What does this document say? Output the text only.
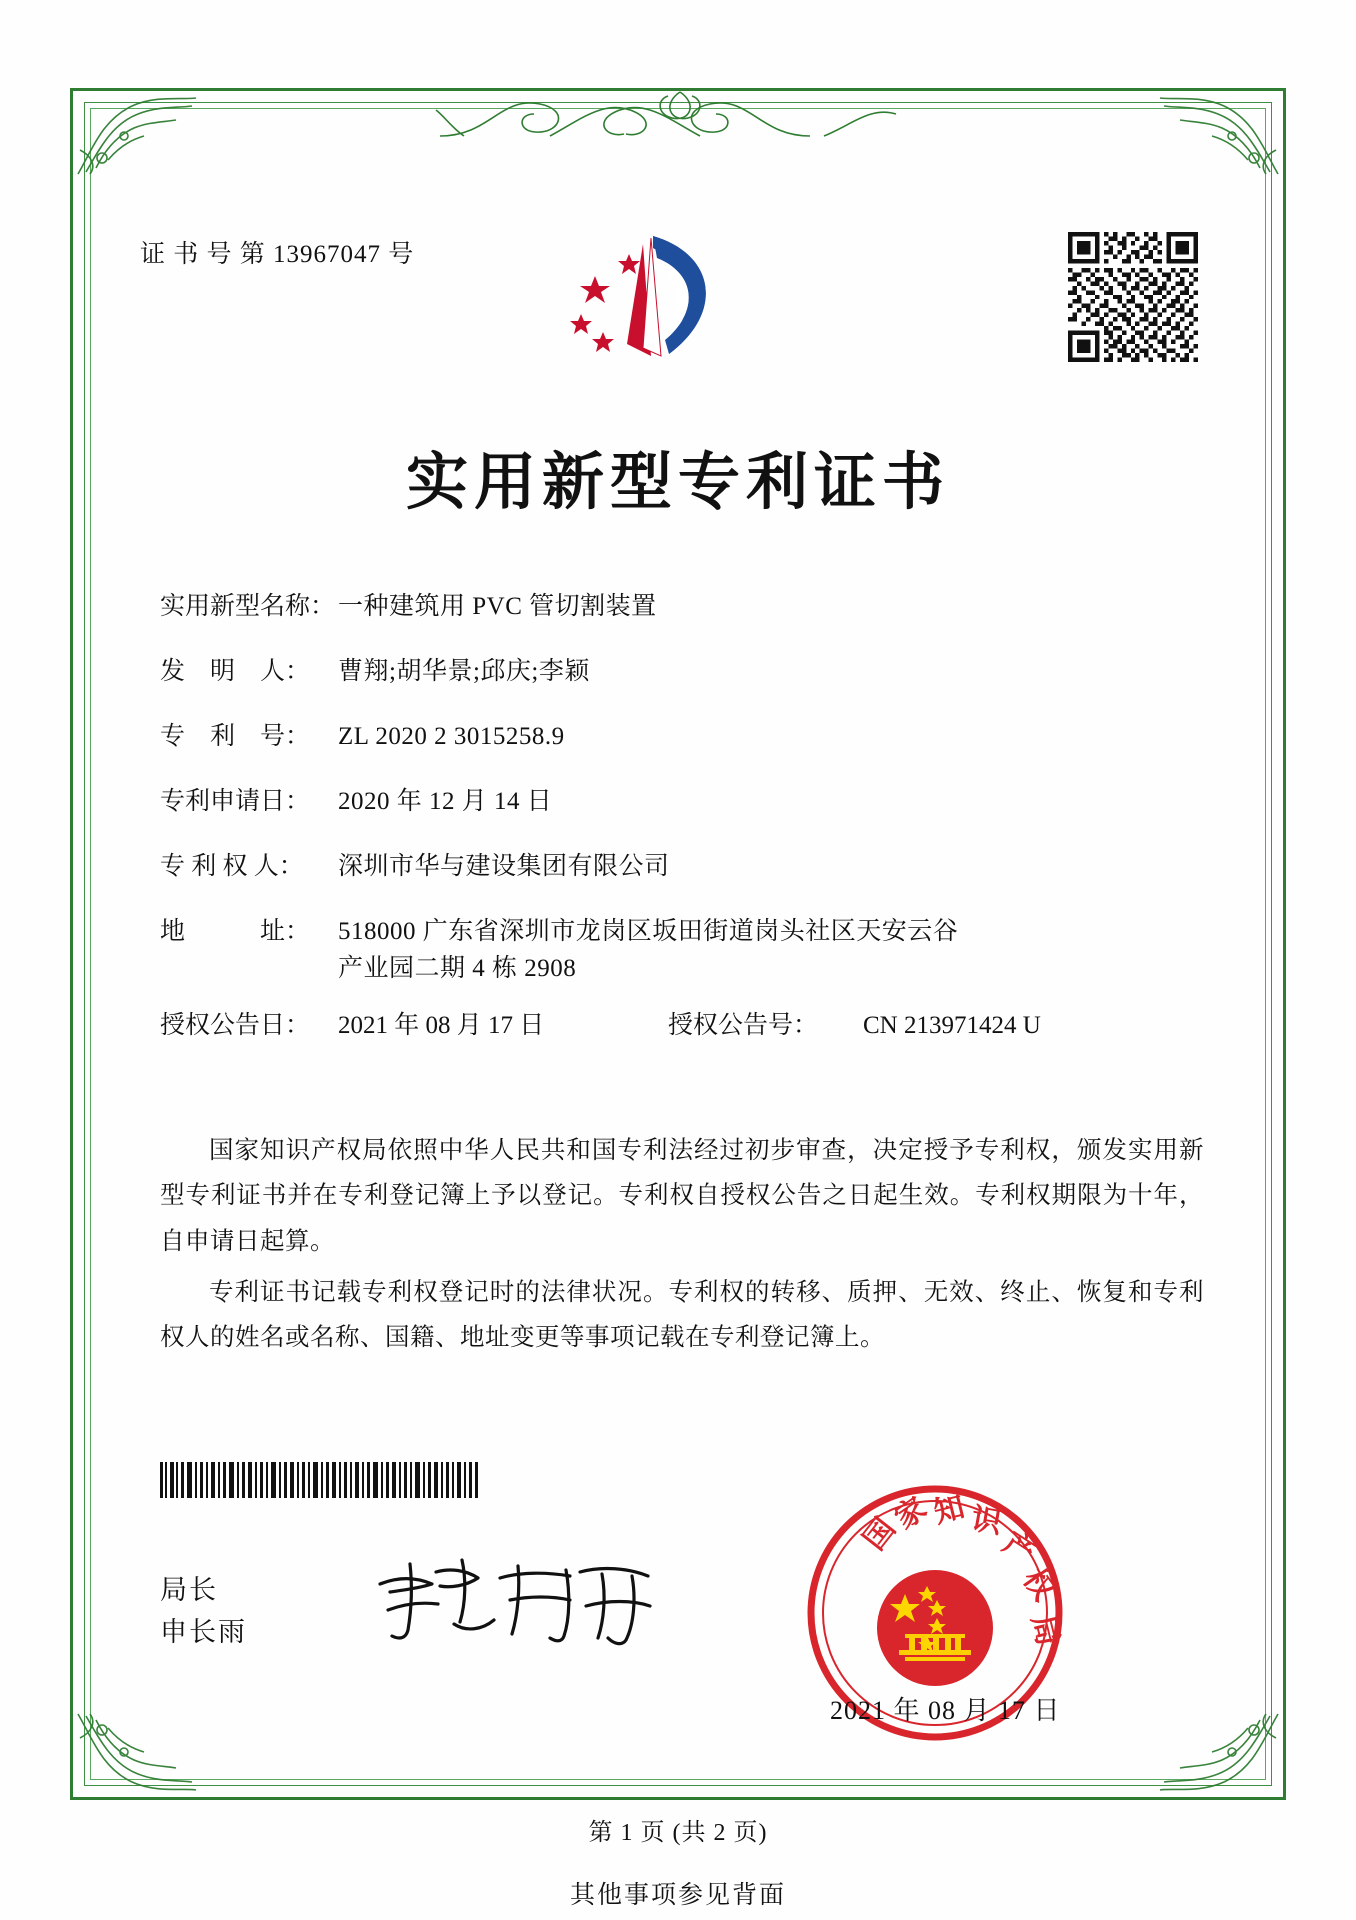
证 书 号 第 13967047 号
实用新型专利证书
实用新型名称： 一种建筑用 PVC 管切割装置
发　明　人：	曹翔;胡华景;邱庆;李颖
专　利　号：	ZL 2020 2 3015258.9
专利申请日：	2020 年 12 月 14 日
专 利 权 人：	深圳市华与建设集团有限公司
地　　　址：	518000 广东省深圳市龙岗区坂田街道岗头社区天安云谷
产业园二期 4 栋 2908
授权公告日：	2021 年 08 月 17 日	授权公告号：	CN 213971424 U

国家知识产权局依照中华人民共和国专利法经过初步审查，决定授予专利权，颁发实用新型专利证书并在专利登记簿上予以登记。专利权自授权公告之日起生效。专利权期限为十年，自申请日起算。

专利证书记载专利权登记时的法律状况。专利权的转移、质押、无效、终止、恢复和专利权人的姓名或名称、国籍、地址变更等事项记载在专利登记簿上。

局长
申长雨
国
家
知 识
产
权
局
2021 年 08 月 17 日
第 1 页 (共 2 页)
其他事项参见背面
